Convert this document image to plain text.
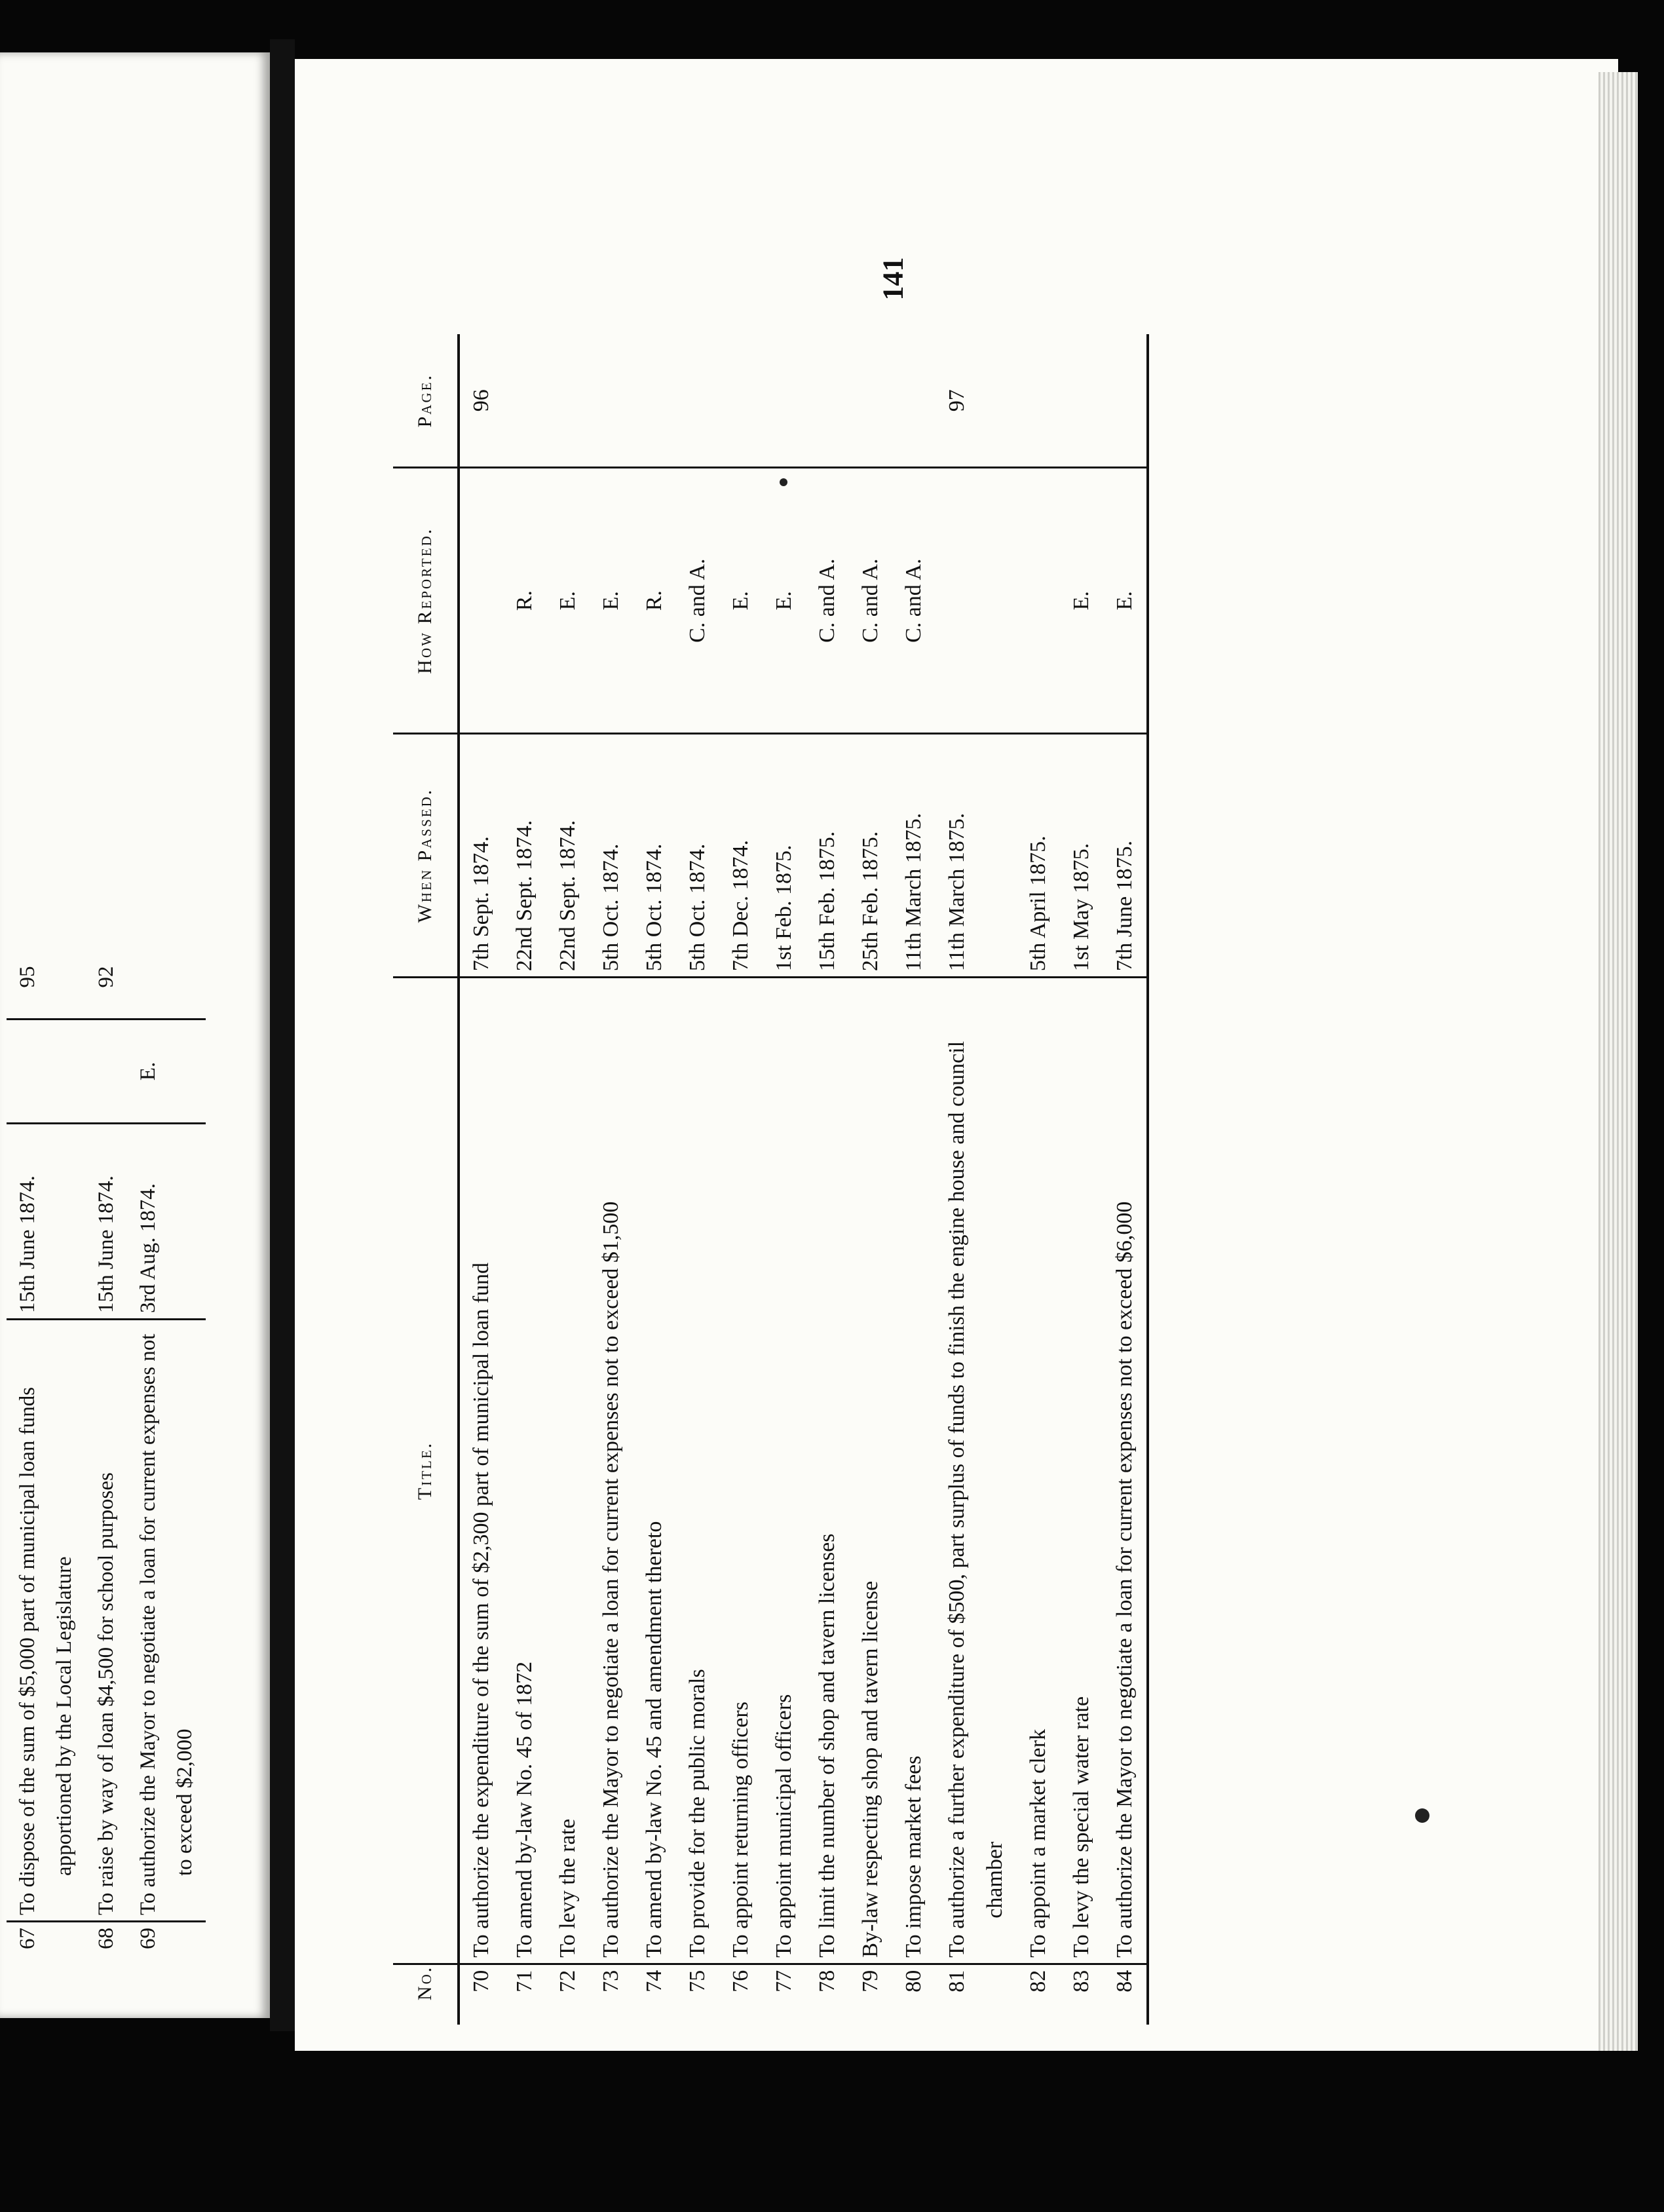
141
67	To dispose of the sum of $5,000 part of municipal loan funds apportioned by the Local Legislature	15th June 1874.		95
68	To raise by way of loan $4,500 for school purposes	15th June 1874.		92
69	To authorize the Mayor to negotiate a loan for current expenses not to exceed $2,000	3rd Aug. 1874.	E.	
No.	Title.	When Passed.	How Reported.	Page.
70	To authorize the expenditure of the sum of $2,300 part of municipal loan fund	7th Sept. 1874.		96
71	To amend by-law No. 45 of 1872	22nd Sept. 1874.	R.	
72	To levy the rate	22nd Sept. 1874.	E.	
73	To authorize the Mayor to negotiate a loan for current expenses not to exceed $1,500	5th Oct. 1874.	E.	
74	To amend by-law No. 45 and amendment thereto	5th Oct. 1874.	R.	
75	To provide for the public morals	5th Oct. 1874.	C. and A.	
76	To appoint returning officers	7th Dec. 1874.	E.	
77	To appoint municipal officers	1st Feb. 1875.	E.	
78	To limit the number of shop and tavern licenses	15th Feb. 1875.	C. and A.	
79	By-law respecting shop and tavern license	25th Feb. 1875.	C. and A.	
80	To impose market fees	11th March 1875.	C. and A.	
81	To authorize a further expenditure of $500, part surplus of funds to finish the engine house and council chamber	11th March 1875.		97
82	To appoint a market clerk	5th April 1875.		
83	To levy the special water rate	1st May 1875.	E.	
84	To authorize the Mayor to negotiate a loan for current expenses not to exceed $6,000	7th June 1875.	E.	
